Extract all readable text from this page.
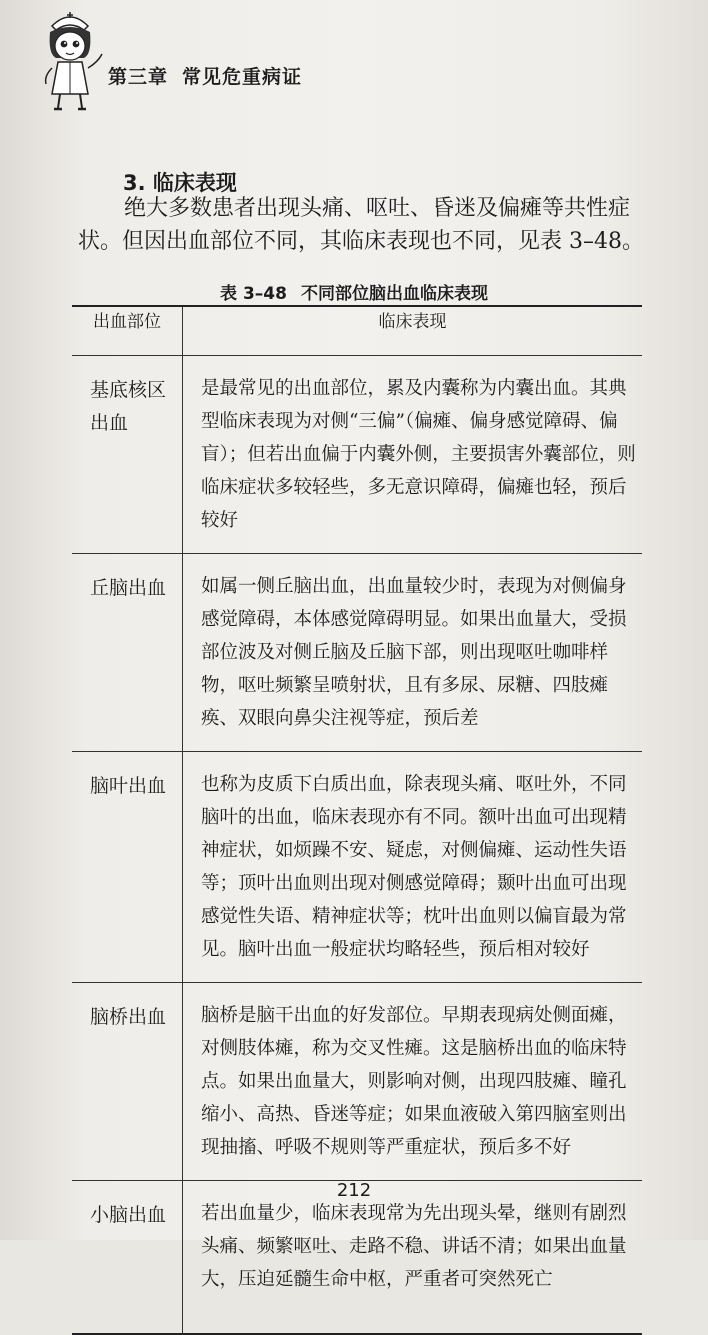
第三章 常见危重病证
3. 临床表现
绝大多数患者出现头痛、呕吐、昏迷及偏瘫等共性症状。但因出血部位不同，其临床表现也不同，见表 3–48。
表 3–48 不同部位脑出血临床表现
出血部位	临床表现
基底核区出血	是最常见的出血部位，累及内囊称为内囊出血。其典型临床表现为对侧“三偏”（偏瘫、偏身感觉障碍、偏盲）；但若出血偏于内囊外侧，主要损害外囊部位，则临床症状多较轻些，多无意识障碍，偏瘫也轻，预后较好
丘脑出血	如属一侧丘脑出血，出血量较少时，表现为对侧偏身感觉障碍，本体感觉障碍明显。如果出血量大，受损部位波及对侧丘脑及丘脑下部，则出现呕吐咖啡样物，呕吐频繁呈喷射状，且有多尿、尿糖、四肢瘫痪、双眼向鼻尖注视等症，预后差
脑叶出血	也称为皮质下白质出血，除表现头痛、呕吐外，不同脑叶的出血，临床表现亦有不同。额叶出血可出现精神症状，如烦躁不安、疑虑，对侧偏瘫、运动性失语等；顶叶出血则出现对侧感觉障碍；颞叶出血可出现感觉性失语、精神症状等；枕叶出血则以偏盲最为常见。脑叶出血一般症状均略轻些，预后相对较好
脑桥出血	脑桥是脑干出血的好发部位。早期表现病处侧面瘫，对侧肢体瘫，称为交叉性瘫。这是脑桥出血的临床特点。如果出血量大，则影响对侧，出现四肢瘫、瞳孔缩小、高热、昏迷等症；如果血液破入第四脑室则出现抽搐、呼吸不规则等严重症状，预后多不好
小脑出血	若出血量少，临床表现常为先出现头晕，继则有剧烈头痛、频繁呕吐、走路不稳、讲话不清；如果出血量大，压迫延髓生命中枢，严重者可突然死亡
212
